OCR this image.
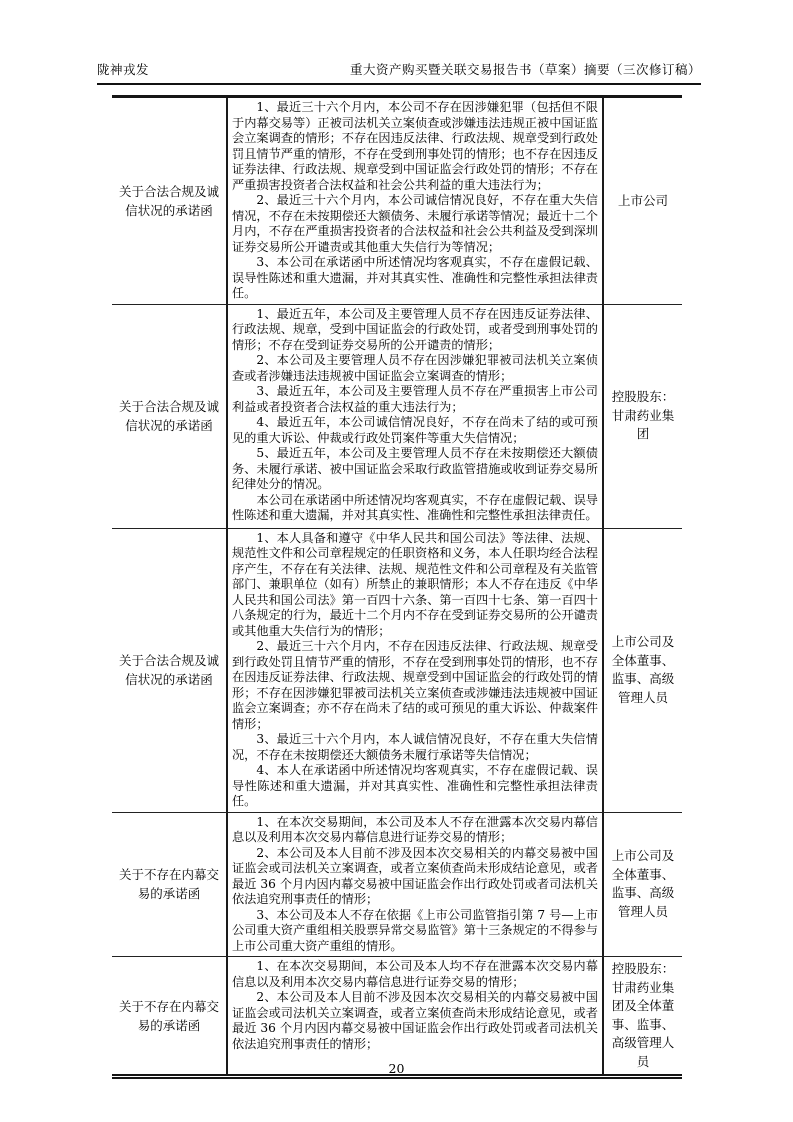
陇神戎发	重大资产购买暨关联交易报告书（草案）摘要（三次修订稿）
关于合法合规及诚信状况的承诺函

1、最近三十六个月内，本公司不存在因涉嫌犯罪（包括但不限于内幕交易等）正被司法机关立案侦查或涉嫌违法违规正被中国证监会立案调查的情形；不存在因违反法律、行政法规、规章受到行政处罚且情节严重的情形，不存在受到刑事处罚的情形；也不存在因违反证券法律、行政法规、规章受到中国证监会行政处罚的情形；不存在严重损害投资者合法权益和社会公共利益的重大违法行为；

2、最近三十六个月内，本公司诚信情况良好，不存在重大失信情况，不存在未按期偿还大额债务、未履行承诺等情况；最近十二个月内，不存在严重损害投资者的合法权益和社会公共利益及受到深圳证券交易所公开谴责或其他重大失信行为等情况；

3、本公司在承诺函中所述情况均客观真实，不存在虚假记载、误导性陈述和重大遗漏，并对其真实性、准确性和完整性承担法律责任。

上市公司
关于合法合规及诚信状况的承诺函

1、最近五年，本公司及主要管理人员不存在因违反证券法律、行政法规、规章，受到中国证监会的行政处罚，或者受到刑事处罚的情形；不存在受到证券交易所的公开谴责的情形；

2、本公司及主要管理人员不存在因涉嫌犯罪被司法机关立案侦查或者涉嫌违法违规被中国证监会立案调查的情形；

3、最近五年，本公司及主要管理人员不存在严重损害上市公司利益或者投资者合法权益的重大违法行为；

4、最近五年，本公司诚信情况良好，不存在尚未了结的或可预见的重大诉讼、仲裁或行政处罚案件等重大失信情况；

5、最近五年，本公司及主要管理人员不存在未按期偿还大额债务、未履行承诺、被中国证监会采取行政监管措施或收到证券交易所纪律处分的情况。

本公司在承诺函中所述情况均客观真实，不存在虚假记载、误导性陈述和重大遗漏，并对其真实性、准确性和完整性承担法律责任。

控股股东：甘肃药业集团
关于合法合规及诚信状况的承诺函

1、本人具备和遵守《中华人民共和国公司法》等法律、法规、规范性文件和公司章程规定的任职资格和义务，本人任职均经合法程序产生，不存在有关法律、法规、规范性文件和公司章程及有关监管部门、兼职单位（如有）所禁止的兼职情形；本人不存在违反《中华人民共和国公司法》第一百四十六条、第一百四十七条、第一百四十八条规定的行为，最近十二个月内不存在受到证券交易所的公开谴责或其他重大失信行为的情形；

2、最近三十六个月内，不存在因违反法律、行政法规、规章受到行政处罚且情节严重的情形，不存在受到刑事处罚的情形，也不存在因违反证券法律、行政法规、规章受到中国证监会的行政处罚的情形；不存在因涉嫌犯罪被司法机关立案侦查或涉嫌违法违规被中国证监会立案调查；亦不存在尚未了结的或可预见的重大诉讼、仲裁案件情形；

3、最近三十六个月内，本人诚信情况良好，不存在重大失信情况，不存在未按期偿还大额债务未履行承诺等失信情况；

4、本人在承诺函中所述情况均客观真实，不存在虚假记载、误导性陈述和重大遗漏，并对其真实性、准确性和完整性承担法律责任。

上市公司及全体董事、监事、高级管理人员
关于不存在内幕交易的承诺函

1、在本次交易期间，本公司及本人不存在泄露本次交易内幕信息以及利用本次交易内幕信息进行证券交易的情形；

2、本公司及本人目前不涉及因本次交易相关的内幕交易被中国证监会或司法机关立案调查，或者立案侦查尚未形成结论意见，或者最近 36 个月内因内幕交易被中国证监会作出行政处罚或者司法机关依法追究刑事责任的情形；

3、本公司及本人不存在依据《上市公司监管指引第 7 号—上市公司重大资产重组相关股票异常交易监管》第十三条规定的不得参与上市公司重大资产重组的情形。

上市公司及全体董事、监事、高级管理人员
关于不存在内幕交易的承诺函

1、在本次交易期间，本公司及本人均不存在泄露本次交易内幕信息以及利用本次交易内幕信息进行证券交易的情形；

2、本公司及本人目前不涉及因本次交易相关的内幕交易被中国证监会或司法机关立案调查，或者立案侦查尚未形成结论意见，或者最近 36 个月内因内幕交易被中国证监会作出行政处罚或者司法机关依法追究刑事责任的情形；

控股股东：甘肃药业集团及全体董事、监事、高级管理人员
20
